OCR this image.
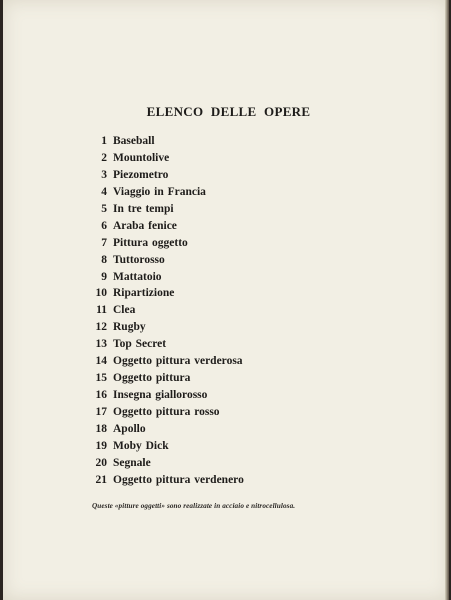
ELENCO DELLE OPERE
1 Baseball
2 Mountolive
3 Piezometro
4 Viaggio in Francia
5 In tre tempi
6 Araba fenice
7 Pittura oggetto
8 Tuttorosso
9 Mattatoio
10 Ripartizione
11 Clea
12 Rugby
13 Top Secret
14 Oggetto pittura verderosa
15 Oggetto pittura
16 Insegna giallorosso
17 Oggetto pittura rosso
18 Apollo
19 Moby Dick
20 Segnale
21 Oggetto pittura verdenero
Queste «pitture oggetti» sono realizzate in acciaio e nitrocellulosa.
